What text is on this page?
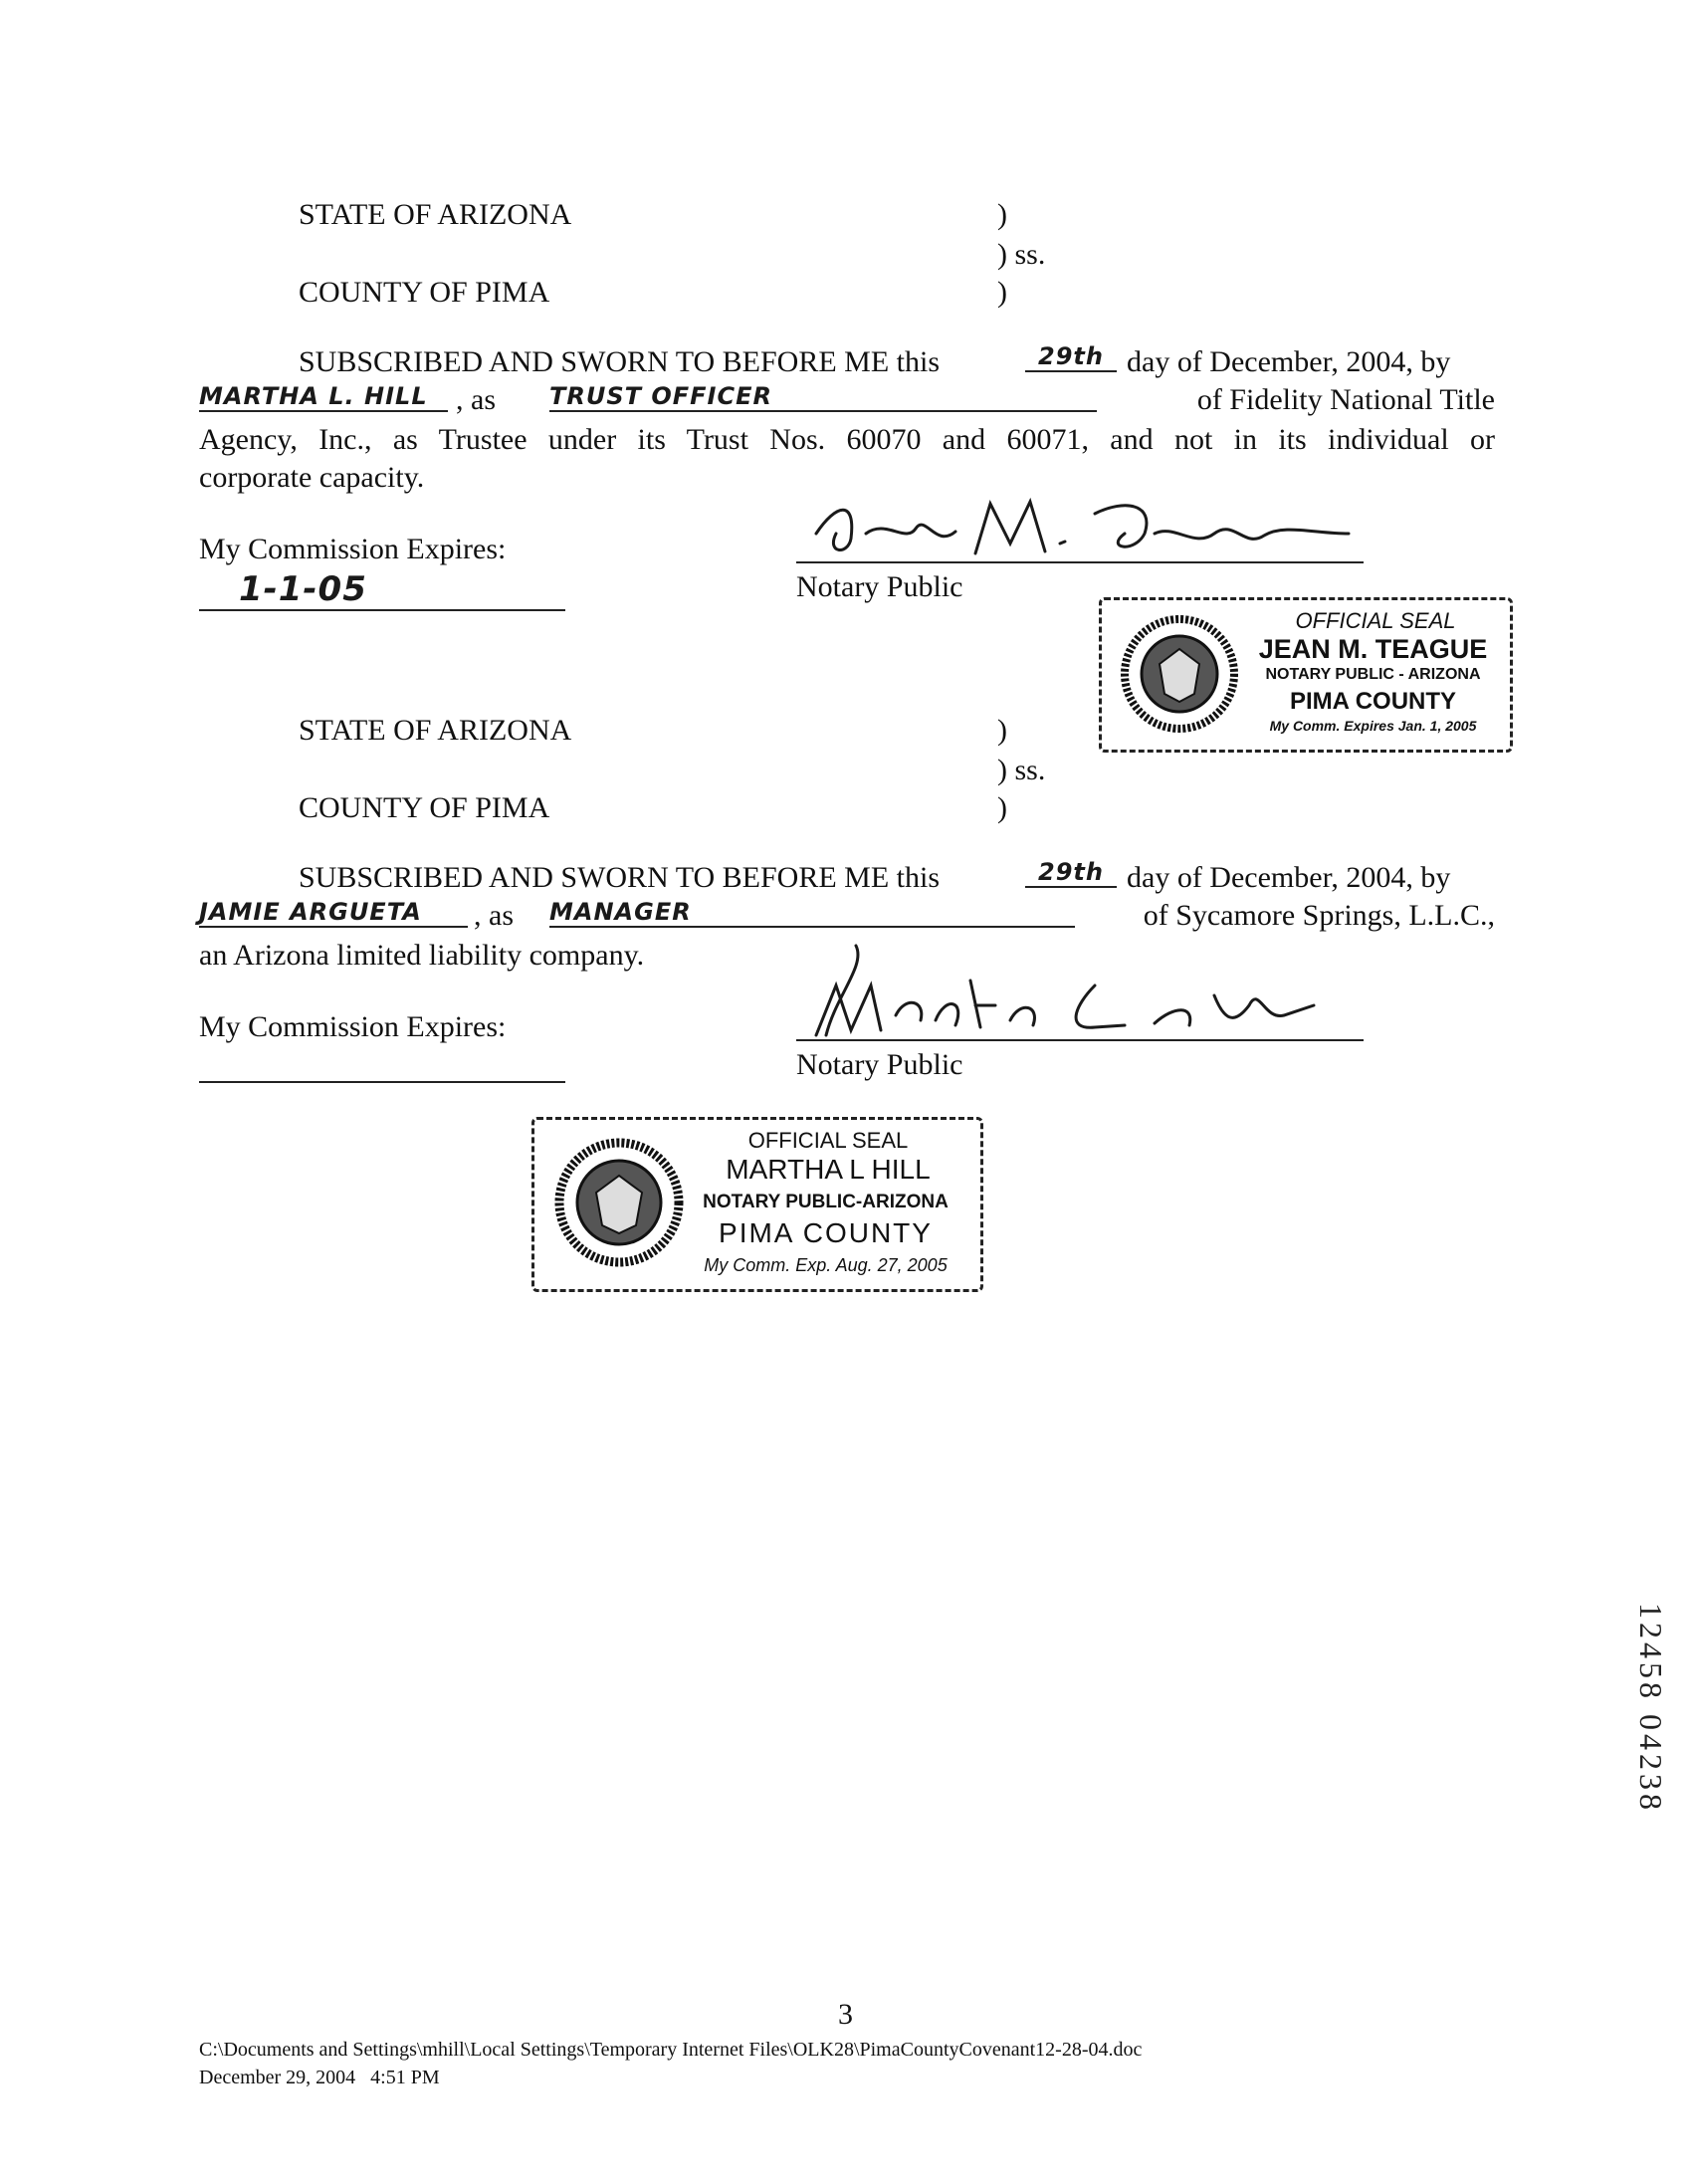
STATE OF ARIZONA	)
) ss.
COUNTY OF PIMA	)
SUBSCRIBED AND SWORN TO BEFORE ME this	29th day of December, 2004, by
MARTHA L. HILL , as TRUST OFFICER	of Fidelity National Title
Agency, Inc., as Trustee under its Trust Nos. 60070 and 60071, and not in its individual or
corporate capacity.
My Commission Expires:
1-1-05	Notary Public
OFFICIAL SEAL
JEAN M. TEAGUE
NOTARY PUBLIC - ARIZONA
PIMA COUNTY
My Comm. Expires Jan. 1, 2005
STATE OF ARIZONA	)
) ss.
COUNTY OF PIMA	)
SUBSCRIBED AND SWORN TO BEFORE ME this	29th day of December, 2004, by
JAMIE ARGUETA	, as MANAGER	of Sycamore Springs, L.L.C.,
an Arizona limited liability company.
My Commission Expires:
Notary Public
OFFICIAL SEAL
MARTHA L HILL
NOTARY PUBLIC-ARIZONA
PIMA COUNTY
My Comm. Exp. Aug. 27, 2005
12458 04238
3
C:\Documents and Settings\mhill\Local Settings\Temporary Internet Files\OLK28\PimaCountyCovenant12-28-04.doc
December 29, 2004   4:51 PM
